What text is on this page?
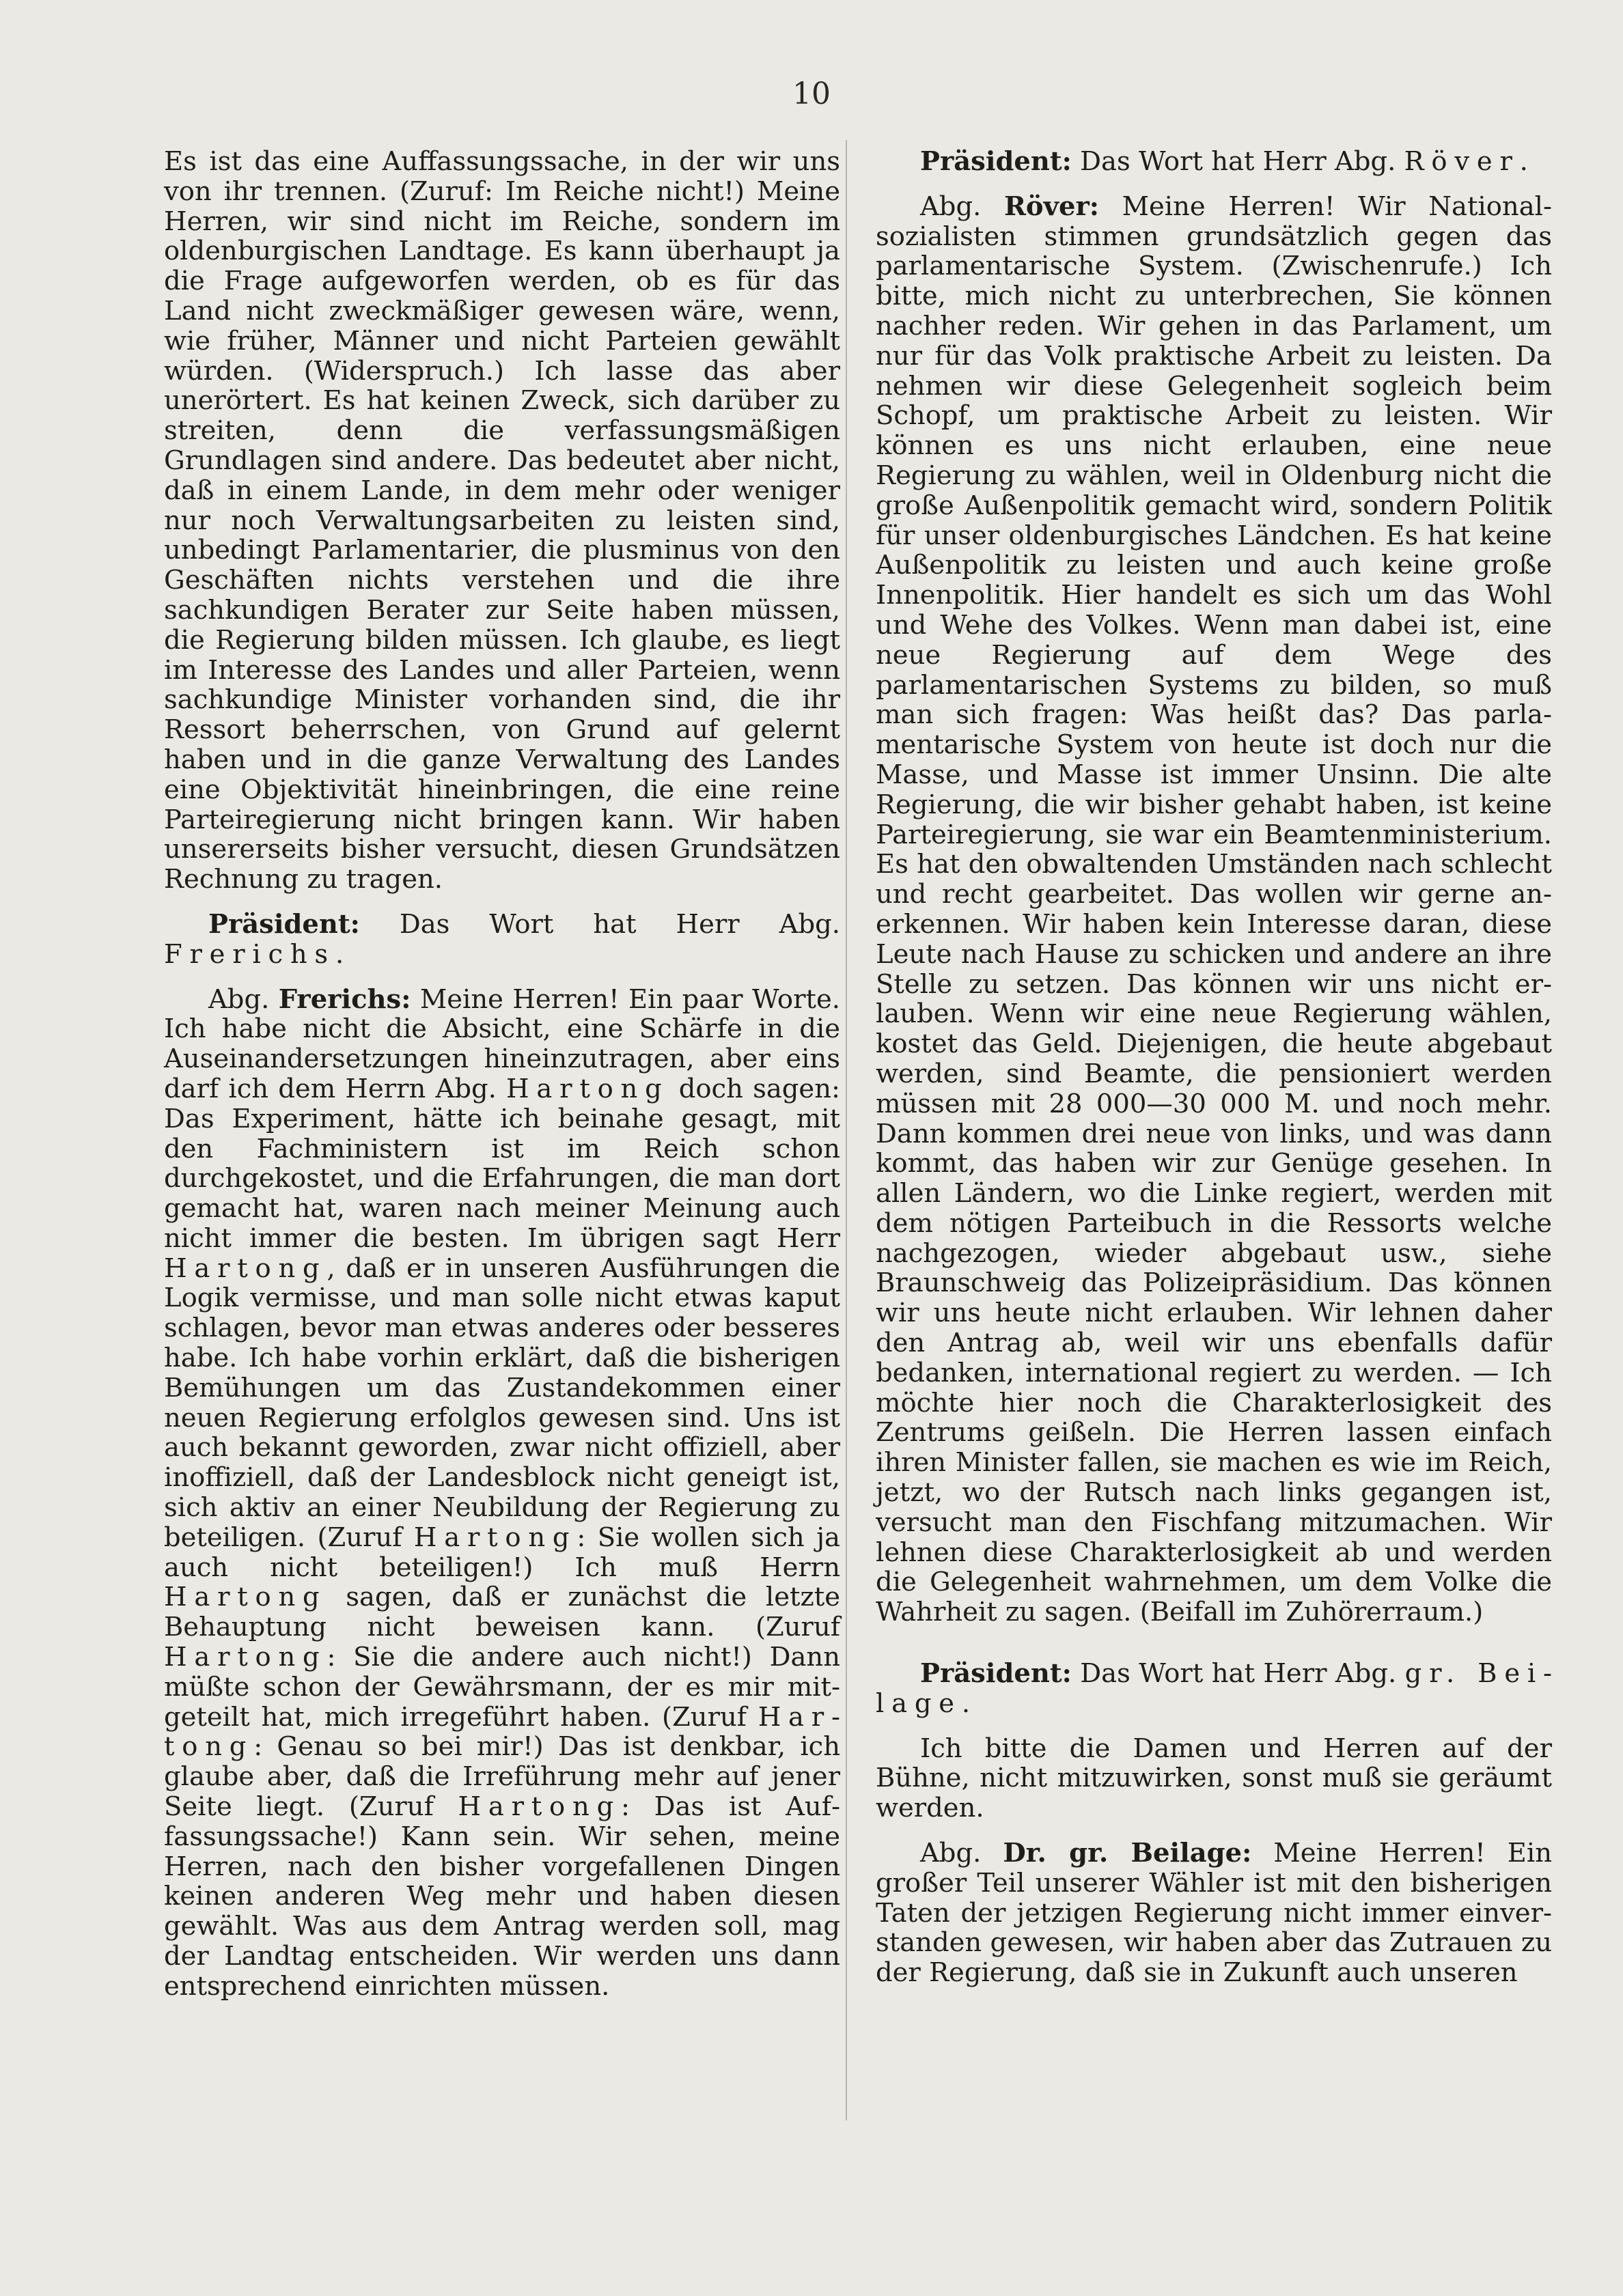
10

Es ist das eine Auffassungssache, in der wir uns von ihr trennen. (Zuruf: Im Reiche nicht!) Meine Herren, wir sind nicht im Reiche, sondern im oldenburgischen Landtage. Es kann überhaupt ja die Frage aufgeworfen werden, ob es für das Land nicht zweckmäßiger gewesen wäre, wenn, wie früher, Männer und nicht Parteien gewählt würden. (Widerspruch.) Ich lasse das aber unerörtert. Es hat keinen Zweck, sich darüber zu streiten, denn die verfassungsmäßigen Grundlagen sind andere. Das bedeutet aber nicht, daß in einem Lande, in dem mehr oder weniger nur noch Verwaltungsarbeiten zu leisten sind, unbedingt Parlamentarier, die plusminus von den Geschäften nichts verstehen und die ihre sachkundigen Berater zur Seite haben müssen, die Regierung bilden müssen. Ich glaube, es liegt im Interesse des Landes und aller Parteien, wenn sachkundige Minister vorhanden sind, die ihr Ressort beherrschen, von Grund auf gelernt haben und in die ganze Verwaltung des Landes eine Objektivität hineinbringen, die eine reine Parteiregierung nicht bringen kann. Wir haben unsererseits bisher versucht, diesen Grundsätzen Rechnung zu tragen.

Präsident: Das Wort hat Herr Abg. Frerichs.

Abg. Frerichs: Meine Herren! Ein paar Worte. Ich habe nicht die Absicht, eine Schärfe in die Auseinandersetzungen hineinzutragen, aber eins darf ich dem Herrn Abg. Hartong doch sagen: Das Experiment, hätte ich beinahe gesagt, mit den Fachministern ist im Reich schon durchgekostet, und die Erfahrungen, die man dort gemacht hat, waren nach meiner Meinung auch nicht immer die besten. Im übrigen sagt Herr Hartong, daß er in unseren Ausführungen die Logik vermisse, und man solle nicht etwas kaput schlagen, bevor man etwas anderes oder besseres habe. Ich habe vorhin erklärt, daß die bisherigen Bemühungen um das Zustandekommen einer neuen Regierung erfolglos gewesen sind. Uns ist auch bekannt geworden, zwar nicht offiziell, aber inoffiziell, daß der Landesblock nicht geneigt ist, sich aktiv an einer Neubildung der Regierung zu beteiligen. (Zuruf Hartong: Sie wollen sich ja auch nicht beteiligen!) Ich muß Herrn Hartong sagen, daß er zunächst die letzte Behauptung nicht beweisen kann. (Zuruf Hartong: Sie die andere auch nicht!) Dann müßte schon der Gewährsmann, der es mir mitgeteilt hat, mich irregeführt haben. (Zuruf Hartong: Genau so bei mir!) Das ist denkbar, ich glaube aber, daß die Irreführung mehr auf jener Seite liegt. (Zuruf Hartong: Das ist Auffassungssache!) Kann sein. Wir sehen, meine Herren, nach den bisher vorgefallenen Dingen keinen anderen Weg mehr und haben diesen gewählt. Was aus dem Antrag werden soll, mag der Landtag entscheiden. Wir werden uns dann entsprechend einrichten müssen.

Präsident: Das Wort hat Herr Abg. Röver.

Abg. Röver: Meine Herren! Wir Nationalsozialisten stimmen grundsätzlich gegen das parlamentarische System. (Zwischenrufe.) Ich bitte, mich nicht zu unterbrechen, Sie können nachher reden. Wir gehen in das Parlament, um nur für das Volk praktische Arbeit zu leisten. Da nehmen wir diese Gelegenheit sogleich beim Schopf, um praktische Arbeit zu leisten. Wir können es uns nicht erlauben, eine neue Regierung zu wählen, weil in Oldenburg nicht die große Außenpolitik gemacht wird, sondern Politik für unser oldenburgisches Ländchen. Es hat keine Außenpolitik zu leisten und auch keine große Innenpolitik. Hier handelt es sich um das Wohl und Wehe des Volkes. Wenn man dabei ist, eine neue Regierung auf dem Wege des parlamentarischen Systems zu bilden, so muß man sich fragen: Was heißt das? Das parlamentarische System von heute ist doch nur die Masse, und Masse ist immer Unsinn. Die alte Regierung, die wir bisher gehabt haben, ist keine Parteiregierung, sie war ein Beamtenministerium. Es hat den obwaltenden Umständen nach schlecht und recht gearbeitet. Das wollen wir gerne anerkennen. Wir haben kein Interesse daran, diese Leute nach Hause zu schicken und andere an ihre Stelle zu setzen. Das können wir uns nicht erlauben. Wenn wir eine neue Regierung wählen, kostet das Geld. Diejenigen, die heute abgebaut werden, sind Beamte, die pensioniert werden müssen mit 28 000—30 000 M. und noch mehr. Dann kommen drei neue von links, und was dann kommt, das haben wir zur Genüge gesehen. In allen Ländern, wo die Linke regiert, werden mit dem nötigen Parteibuch in die Ressorts welche nachgezogen, wieder abgebaut usw., siehe Braunschweig das Polizeipräsidium. Das können wir uns heute nicht erlauben. Wir lehnen daher den Antrag ab, weil wir uns ebenfalls dafür bedanken, international regiert zu werden. — Ich möchte hier noch die Charakterlosigkeit des Zentrums geißeln. Die Herren lassen einfach ihren Minister fallen, sie machen es wie im Reich, jetzt, wo der Rutsch nach links gegangen ist, versucht man den Fischfang mitzumachen. Wir lehnen diese Charakterlosigkeit ab und werden die Gelegenheit wahrnehmen, um dem Volke die Wahrheit zu sagen. (Beifall im Zuhörerraum.)

Präsident: Das Wort hat Herr Abg. gr. Beilage.

Ich bitte die Damen und Herren auf der Bühne, nicht mitzuwirken, sonst muß sie geräumt werden.

Abg. Dr. gr. Beilage: Meine Herren! Ein großer Teil unserer Wähler ist mit den bisherigen Taten der jetzigen Regierung nicht immer einverstanden gewesen, wir haben aber das Zutrauen zu der Regierung, daß sie in Zukunft auch unseren
